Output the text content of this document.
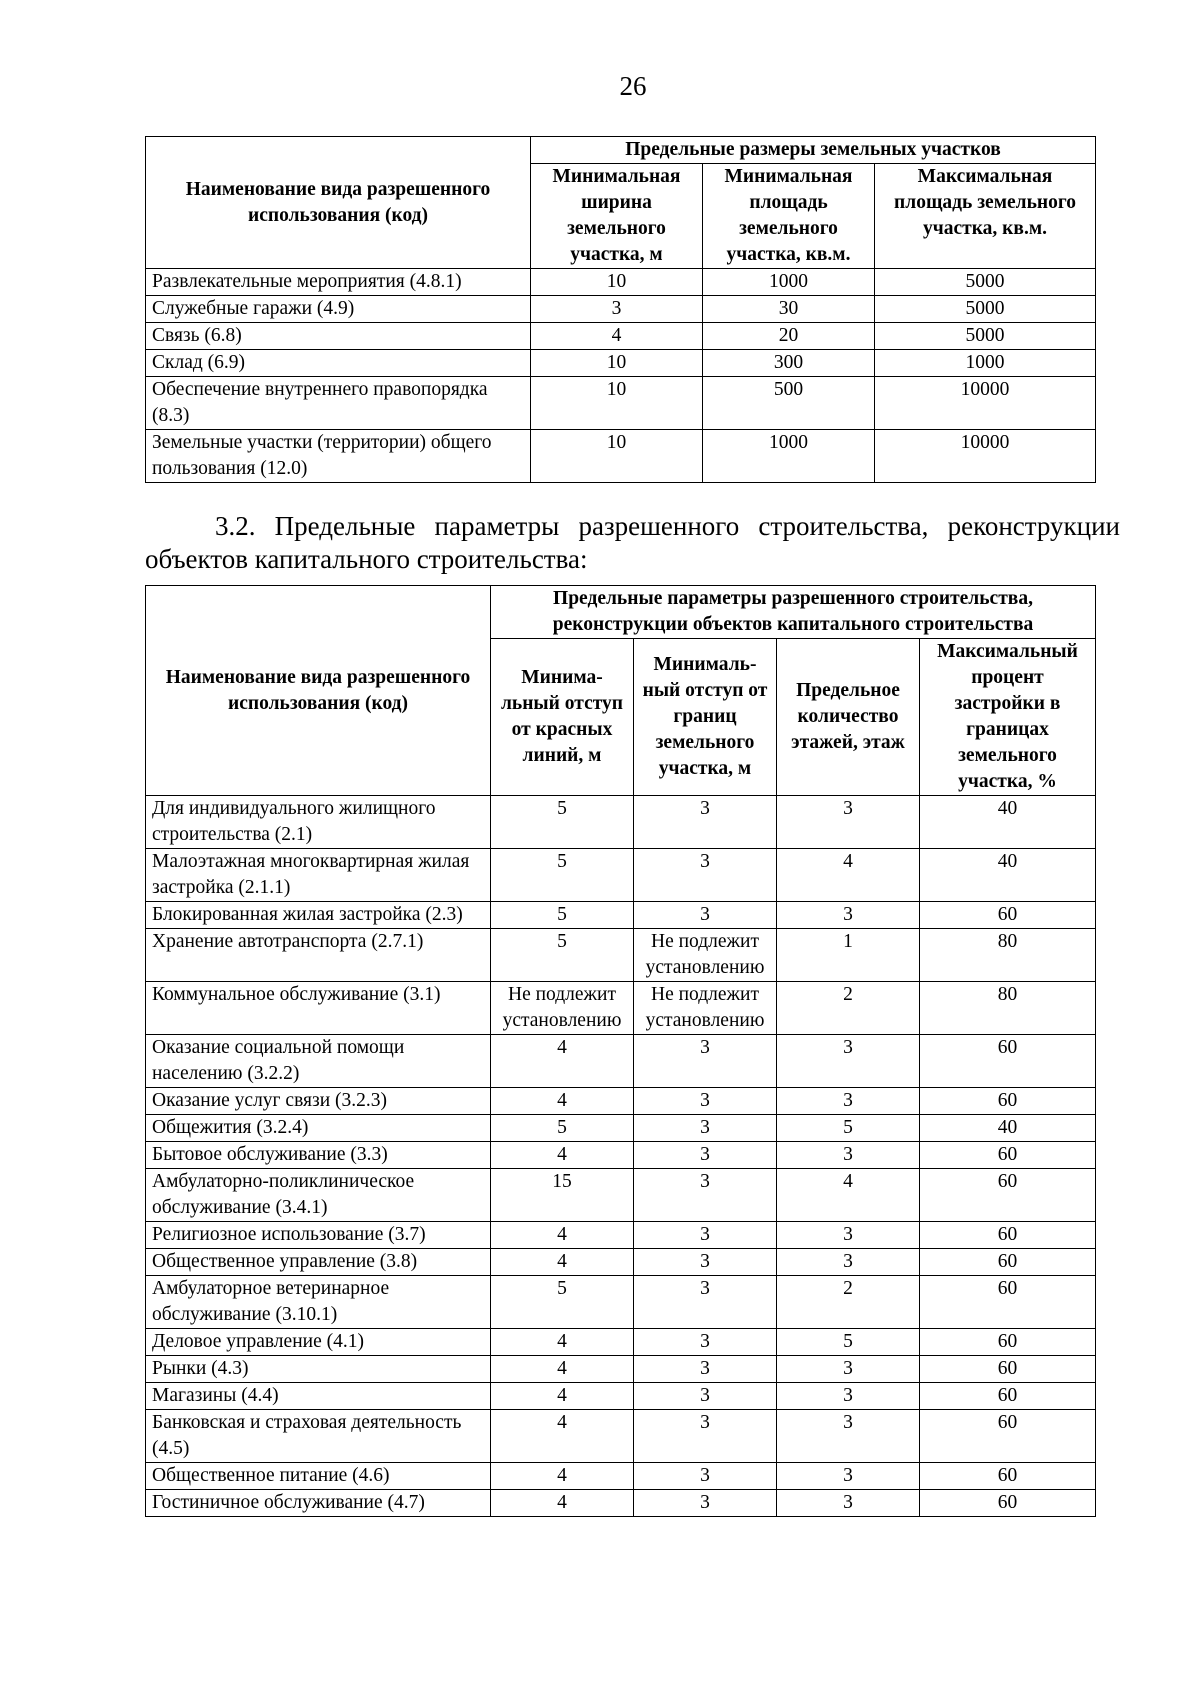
26
Наименование вида разрешенного использования (код)	Предельные размеры земельных участков		
	Минимальная ширина земельного участка, м	Минимальная площадь земельного участка, кв.м.	Максимальная площадь земельного участка, кв.м.
Развлекательные мероприятия (4.8.1)	10	1000	5000
Служебные гаражи (4.9)	3	30	5000
Связь (6.8)	4	20	5000
Склад (6.9)	10	300	1000
Обеспечение внутреннего правопорядка (8.3)	10	500	10000
Земельные участки (территории) общего пользования (12.0)	10	1000	10000

3.2. Предельные параметры разрешенного строительства, реконструкции объектов капитального строительства:

Наименование вида разрешенного использования (код)	Предельные параметры разрешенного строительства, реконструкции объектов капитального строительства			
	Минима-льный отступ от красных линий, м	Минималь-ный отступ от границ земельного участка, м	Предельное количество этажей, этаж	Максимальный процент застройки в границах земельного участка, %
Для индивидуального жилищного строительства (2.1)	5	3	3	40
Малоэтажная многоквартирная жилая застройка (2.1.1)	5	3	4	40
Блокированная жилая застройка (2.3)	5	3	3	60
Хранение автотранспорта (2.7.1)	5	Не подлежит установлению	1	80
Коммунальное обслуживание (3.1)	Не подлежит установлению	Не подлежит установлению	2	80
Оказание социальной помощи населению (3.2.2)	4	3	3	60
Оказание услуг связи (3.2.3)	4	3	3	60
Общежития (3.2.4)	5	3	5	40
Бытовое обслуживание (3.3)	4	3	3	60
Амбулаторно-поликлиническое обслуживание (3.4.1)	15	3	4	60
Религиозное использование (3.7)	4	3	3	60
Общественное управление (3.8)	4	3	3	60
Амбулаторное ветеринарное обслуживание (3.10.1)	5	3	2	60
Деловое управление (4.1)	4	3	5	60
Рынки (4.3)	4	3	3	60
Магазины (4.4)	4	3	3	60
Банковская и страховая деятельность (4.5)	4	3	3	60
Общественное питание (4.6)	4	3	3	60
Гостиничное обслуживание (4.7)	4	3	3	60
